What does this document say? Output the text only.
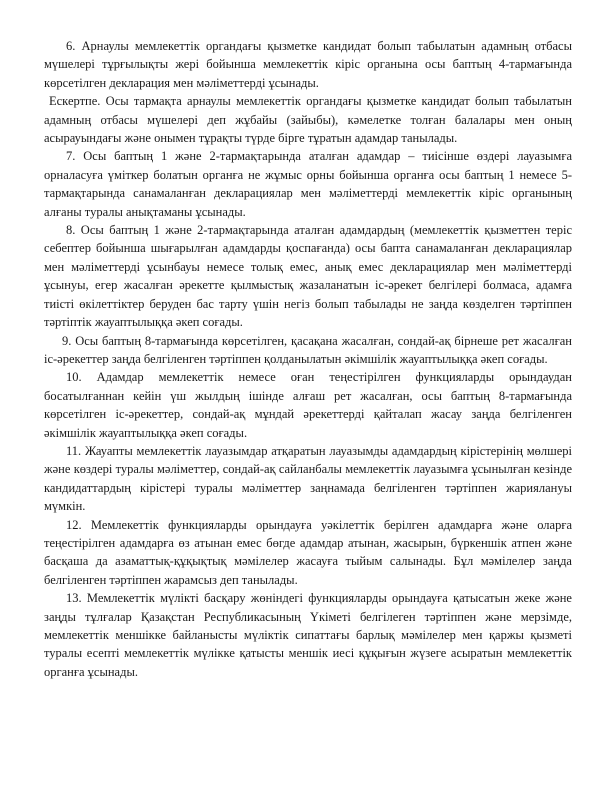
6. Арнаулы мемлекеттік органдағы қызметке кандидат болып табылатын адамның отбасы мүшелері тұрғылықты жері бойынша мемлекеттік кіріс органына осы баптың 4-тармағында көрсетілген декларация мен мәліметтерді ұсынады.

Ескертпе. Осы тармақта арнаулы мемлекеттік органдағы қызметке кандидат болып табылатын адамның отбасы мүшелері деп жұбайы (зайыбы), кәмелетке толған балалары мен оның асырауындағы және онымен тұрақты түрде бірге тұратын адамдар танылады.

7. Осы баптың 1 және 2-тармақтарында аталған адамдар – тиісінше өздері лауазымға орналасуға үміткер болатын органға не жұмыс орны бойынша органға осы баптың 1 немесе 5-тармақтарында санамаланған декларациялар мен мәліметтерді мемлекеттік кіріс органының алғаны туралы анықтаманы ұсынады.

8. Осы баптың 1 және 2-тармақтарында аталған адамдардың (мемлекеттік қызметтен теріс себептер бойынша шығарылған адамдарды қоспағанда) осы бапта санамаланған декларациялар мен мәліметтерді ұсынбауы немесе толық емес, анық емес декларациялар мен мәліметтерді ұсынуы, егер жасалған әрекетте қылмыстық жазаланатын іс-әрекет белгілері болмаса, адамға тиісті өкілеттіктер беруден бас тарту үшін негіз болып табылады не заңда көзделген тәртіппен тәртіптік жауаптылыққа әкеп соғады.

9. Осы баптың 8-тармағында көрсетілген, қасақана жасалған, сондай-ақ бірнеше рет жасалған іс-әрекеттер заңда белгіленген тәртіппен қолданылатын әкімшілік жауаптылыққа әкеп соғады.

10. Адамдар мемлекеттік немесе оған теңестірілген функцияларды орындаудан босатылғаннан кейін үш жылдың ішінде алғаш рет жасалған, осы баптың 8-тармағында көрсетілген іс-әрекеттер, сондай-ақ мұндай әрекеттерді қайталап жасау заңда белгіленген әкімшілік жауаптылыққа әкеп соғады.

11. Жауапты мемлекеттік лауазымдар атқаратын лауазымды адамдардың кірістерінің мөлшері және көздері туралы мәліметтер, сондай-ақ сайланбалы мемлекеттік лауазымға ұсынылған кезінде кандидаттардың кірістері туралы мәліметтер заңнамада белгіленген тәртіппен жариялануы мүмкін.

12. Мемлекеттік функцияларды орындауға уәкілеттік берілген адамдарға және оларға теңестірілген адамдарға өз атынан емес бөгде адамдар атынан, жасырын, бүркеншік атпен және басқаша да азаматтық-құқықтық мәмілелер жасауға тыйым салынады. Бұл мәмілелер заңда белгіленген тәртіппен жарамсыз деп танылады.

13. Мемлекеттік мүлікті басқару жөніндегі функцияларды орындауға қатысатын жеке және заңды тұлғалар Қазақстан Республикасының Үкіметі белгілеген тәртіппен және мерзімде, мемлекеттік меншікке байланысты мүліктік сипаттағы барлық мәмілелер мен қаржы қызметі туралы есепті мемлекеттік мүлікке қатысты меншік иесі құқығын жүзеге асыратын мемлекеттік органға ұсынады.
